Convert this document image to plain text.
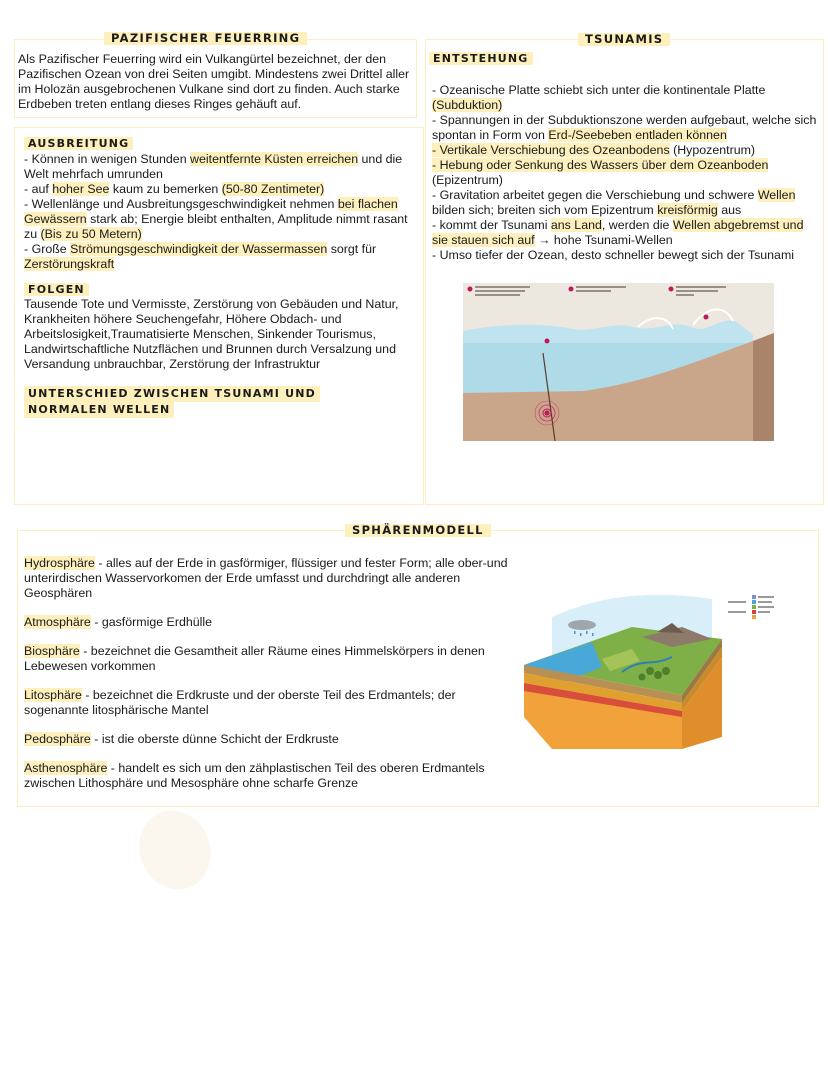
PAZIFISCHER FEUERRING

Als Pazifischer Feuerring wird ein Vulkangürtel bezeichnet, der den Pazifischen Ozean von drei Seiten umgibt. Mindestens zwei Drittel aller im Holozän ausgebrochenen Vulkane sind dort zu finden. Auch starke Erdbeben treten entlang dieses Ringes gehäuft auf.

AUSBREITUNG

- Können in wenigen Stunden weitentfernte Küsten erreichen und die Welt mehrfach umrunden

- auf hoher See kaum zu bemerken (50-80 Zentimeter)

- Wellenlänge und Ausbreitungsgeschwindigkeit nehmen bei flachen Gewässern stark ab; Energie bleibt enthalten, Amplitude nimmt rasant zu (Bis zu 50 Metern)

- Große Strömungsgeschwindigkeit der Wassermassen sorgt für Zerstörungskraft

FOLGEN

Tausende Tote und Vermisste, Zerstörung von Gebäuden und Natur, Krankheiten höhere Seuchengefahr, Höhere Obdach- und Arbeitslosigkeit,Traumatisierte Menschen, Sinkender Tourismus, Landwirtschaftliche Nutzflächen und Brunnen durch Versalzung und Versandung unbrauchbar, Zerstörung der Infrastruktur

UNTERSCHIED ZWISCHEN TSUNAMI UND
NORMALEN WELLEN
TSUNAMIS
ENTSTEHUNG

- Ozeanische Platte schiebt sich unter die kontinentale Platte (Subduktion)

- Spannungen in der Subduktionszone werden aufgebaut, welche sich spontan in Form von Erd-/Seebeben entladen können

- Vertikale Verschiebung des Ozeanbodens (Hypozentrum)

- Hebung oder Senkung des Wassers über dem Ozeanboden (Epizentrum)

- Gravitation arbeitet gegen die Verschiebung und schwere Wellen bilden sich; breiten sich vom Epizentrum kreisförmig aus

- kommt der Tsunami ans Land, werden die Wellen abgebremst und sie stauen sich auf → hohe Tsunami-Wellen

- Umso tiefer der Ozean, desto schneller bewegt sich der Tsunami

SPHÄRENMODELL

Hydrosphäre - alles auf der Erde in gasförmiger, flüssiger und fester Form; alle ober-und unterirdischen Wasservorkomen der Erde umfasst und durchdringt alle anderen Geosphären

Atmosphäre - gasförmige Erdhülle

Biosphäre - bezeichnet die Gesamtheit aller Räume eines Himmelskörpers in denen Lebewesen vorkommen

Litosphäre - bezeichnet die Erdkruste und der oberste Teil des Erdmantels; der sogenannte litosphärische Mantel

Pedosphäre - ist die oberste dünne Schicht der Erdkruste

Asthenosphäre - handelt es sich um den zähplastischen Teil des oberen Erdmantels zwischen Lithosphäre und Mesosphäre ohne scharfe Grenze
